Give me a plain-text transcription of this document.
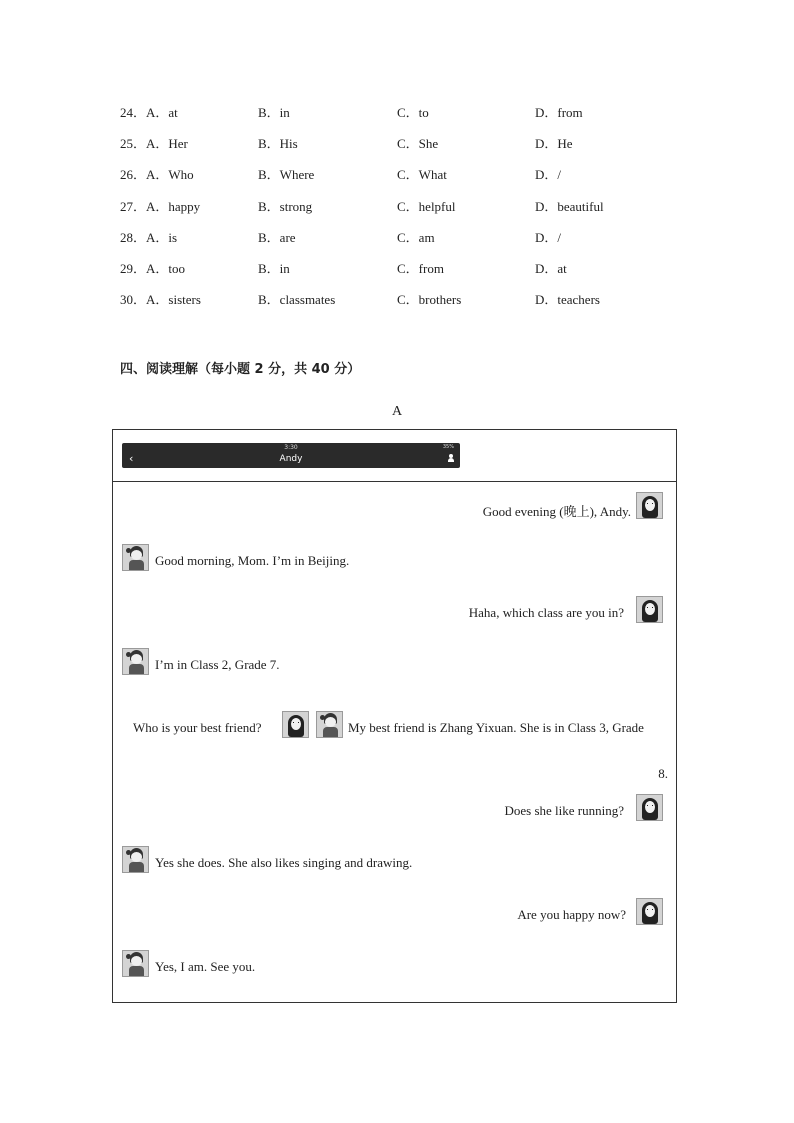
24．A．at	B．in	C．to	D．from
25．A．Her	B．His	C．She	D．He
26．A．Who	B．Where	C．What	D．/
27．A．happy	B．strong	C．helpful	D．beautiful
28．A．is	B．are	C．am	D．/
29．A．too	B．in	C．from	D．at
30．A．sisters	B．classmates	C．brothers	D．teachers
四、阅读理解（每小题 2 分，共 40 分）
A
3:30	35%
‹	Andy
Good evening (晚上), Andy.
Good morning, Mom. I’m in Beijing.
Haha, which class are you in?
I’m in Class 2, Grade 7.
Who is your best friend?	My best friend is Zhang Yixuan. She is in Class 3, Grade
8.
Does she like running?
Yes she does. She also likes singing and drawing.
Are you happy now?
Yes, I am. See you.
